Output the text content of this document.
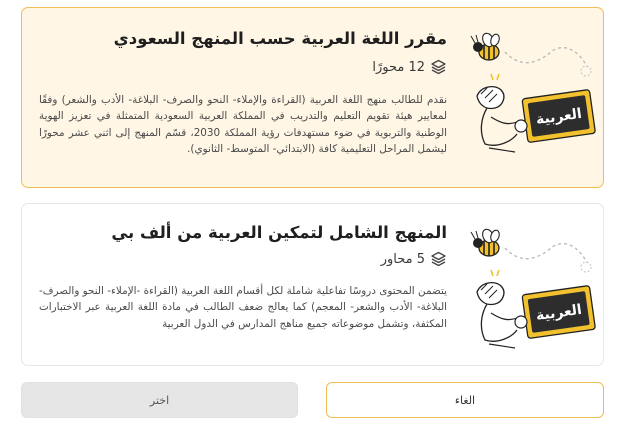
العربية
مقرر اللغة العربية حسب المنهج السعودي
12 محورًا

نقدم للطالب منهج اللغة العربية (القراءة والإملاء- النحو والصرف- البلاغة- الأدب والشعر) وفقًا لمعايير هيئة تقويم التعليم والتدريب في المملكة العربية السعودية المتمثلة في تعزيز الهوية الوطنية والتربوية في ضوء مستهدفات رؤية المملكة 2030، قسّم المنهج إلى اثني عشر محورًا ليشمل المراحل التعليمية كافة (الابتدائي- المتوسط- الثانوي).

العربية
المنهج الشامل لتمكين العربية من ألف بي
5 محاور

يتضمن المحتوى دروسًا تفاعلية شاملة لكل أقسام اللغة العربية (القراءة -الإملاء- النحو والصرف- البلاغة- الأدب والشعر- المعجم) كما يعالج ضعف الطالب في مادة اللغة العربية عبر الاختبارات المكثفة، وتشمل موضوعاته جميع مناهج المدارس في الدول العربية

الغاء
اختر
